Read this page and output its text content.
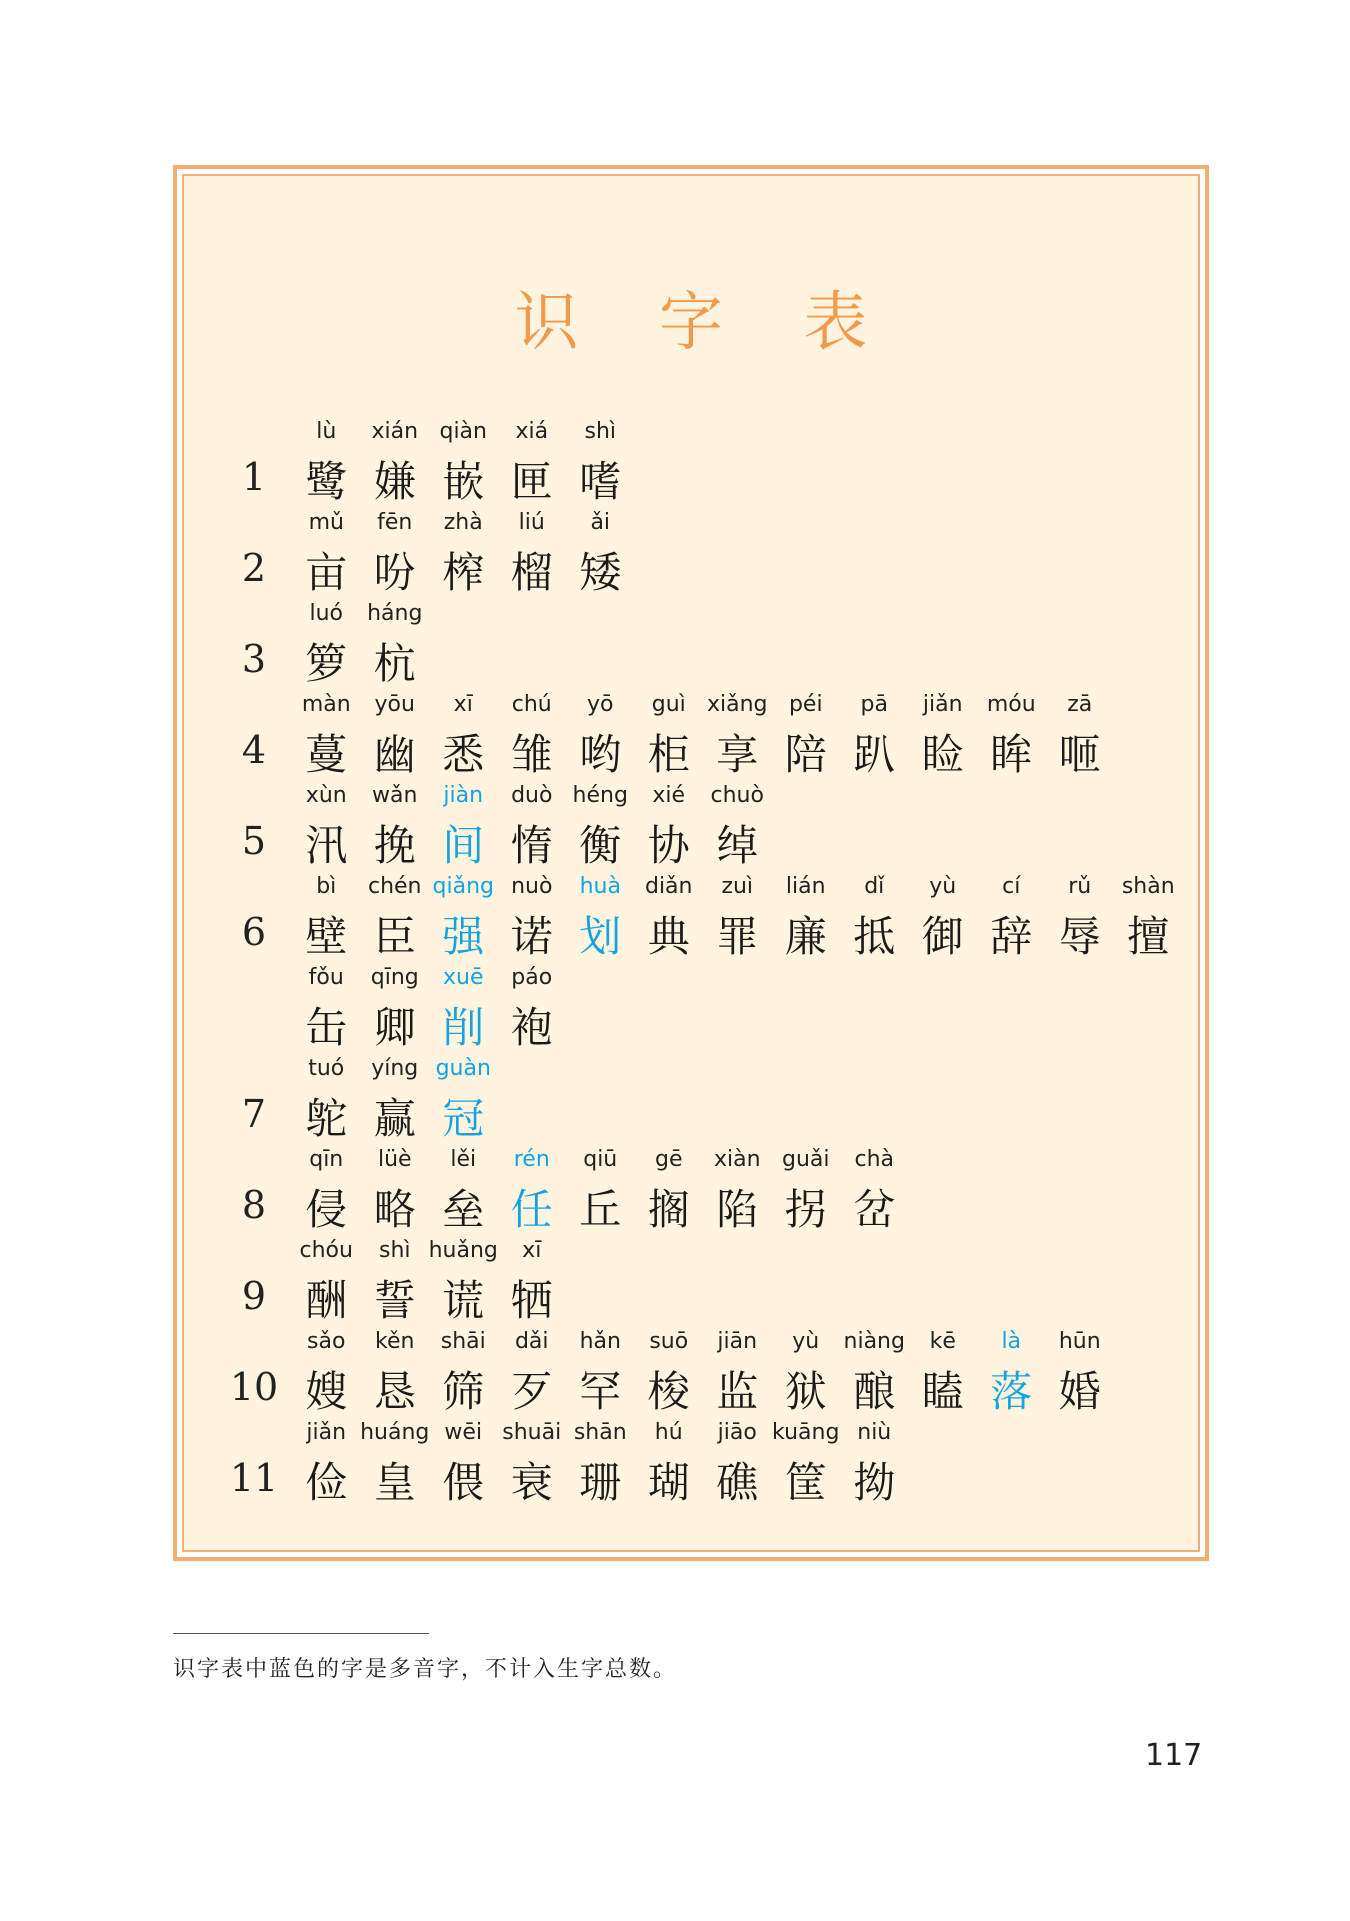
识 字 表
1
lù
鹭
xián
嫌
qiàn
嵌
xiá
匣
shì
嗜
2
mǔ
亩
fēn
吩
zhà
榨
liú
榴
ǎi
矮
3
luó
箩
háng
杭
4
màn
蔓
yōu
幽
xī
悉
chú
雏
yō
哟
guì
柜
xiǎng
享
péi
陪
pā
趴
jiǎn
睑
móu
眸
zā
咂
5
xùn
汛
wǎn
挽
jiàn
间
duò
惰
héng
衡
xié
协
chuò
绰
6
bì
壁
chén
臣
qiǎng
强
nuò
诺
huà
划
diǎn
典
zuì
罪
lián
廉
dǐ
抵
yù
御
cí
辞
rǔ
辱
shàn
擅
fǒu
缶
qīng
卿
xuē
削
páo
袍
7
tuó
鸵
yíng
赢
guàn
冠
8
qīn
侵
lüè
略
lěi
垒
rén
任
qiū
丘
gē
搁
xiàn
陷
guǎi
拐
chà
岔
9
chóu
酬
shì
誓
huǎng
谎
xī
牺
10
sǎo
嫂
kěn
恳
shāi
筛
dǎi
歹
hǎn
罕
suō
梭
jiān
监
yù
狱
niàng
酿
kē
瞌
là
落
hūn
婚
11
jiǎn
俭
huáng
皇
wēi
偎
shuāi
衰
shān
珊
hú
瑚
jiāo
礁
kuāng
筐
niù
拗
识字表中蓝色的字是多音字，不计入生字总数。
117
